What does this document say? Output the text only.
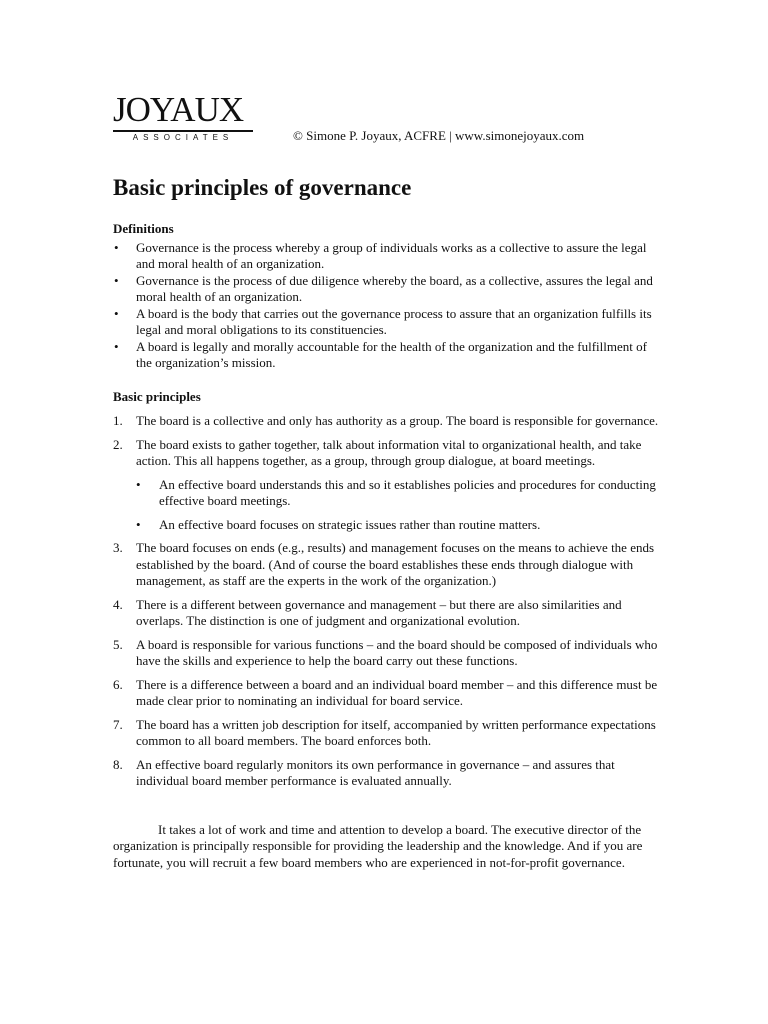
JOYAUX
ASSOCIATES	© Simone P. Joyaux, ACFRE | www.simonejoyaux.com
Basic principles of governance
Definitions
• Governance is the process whereby a group of individuals works as a collective to assure the legal and moral health of an organization.
• Governance is the process of due diligence whereby the board, as a collective, assures the legal and moral health of an organization.
• A board is the body that carries out the governance process to assure that an organization fulfills its legal and moral obligations to its constituencies.
• A board is legally and morally accountable for the health of the organization and the fulfillment of the organization’s mission.
Basic principles
1. The board is a collective and only has authority as a group. The board is responsible for governance.
2. The board exists to gather together, talk about information vital to organizational health, and take action. This all happens together, as a group, through group dialogue, at board meetings.
• An effective board understands this and so it establishes policies and procedures for conducting effective board meetings.
• An effective board focuses on strategic issues rather than routine matters.
3. The board focuses on ends (e.g., results) and management focuses on the means to achieve the ends established by the board. (And of course the board establishes these ends through dialogue with management, as staff are the experts in the work of the organization.)
4. There is a different between governance and management – but there are also similarities and overlaps. The distinction is one of judgment and organizational evolution.
5. A board is responsible for various functions – and the board should be composed of individuals who have the skills and experience to help the board carry out these functions.
6. There is a difference between a board and an individual board member – and this difference must be made clear prior to nominating an individual for board service.
7. The board has a written job description for itself, accompanied by written performance expectations common to all board members. The board enforces both.
8. An effective board regularly monitors its own performance in governance – and assures that individual board member performance is evaluated annually.

It takes a lot of work and time and attention to develop a board. The executive director of the organization is principally responsible for providing the leadership and the knowledge. And if you are fortunate, you will recruit a few board members who are experienced in not-for-profit governance.
